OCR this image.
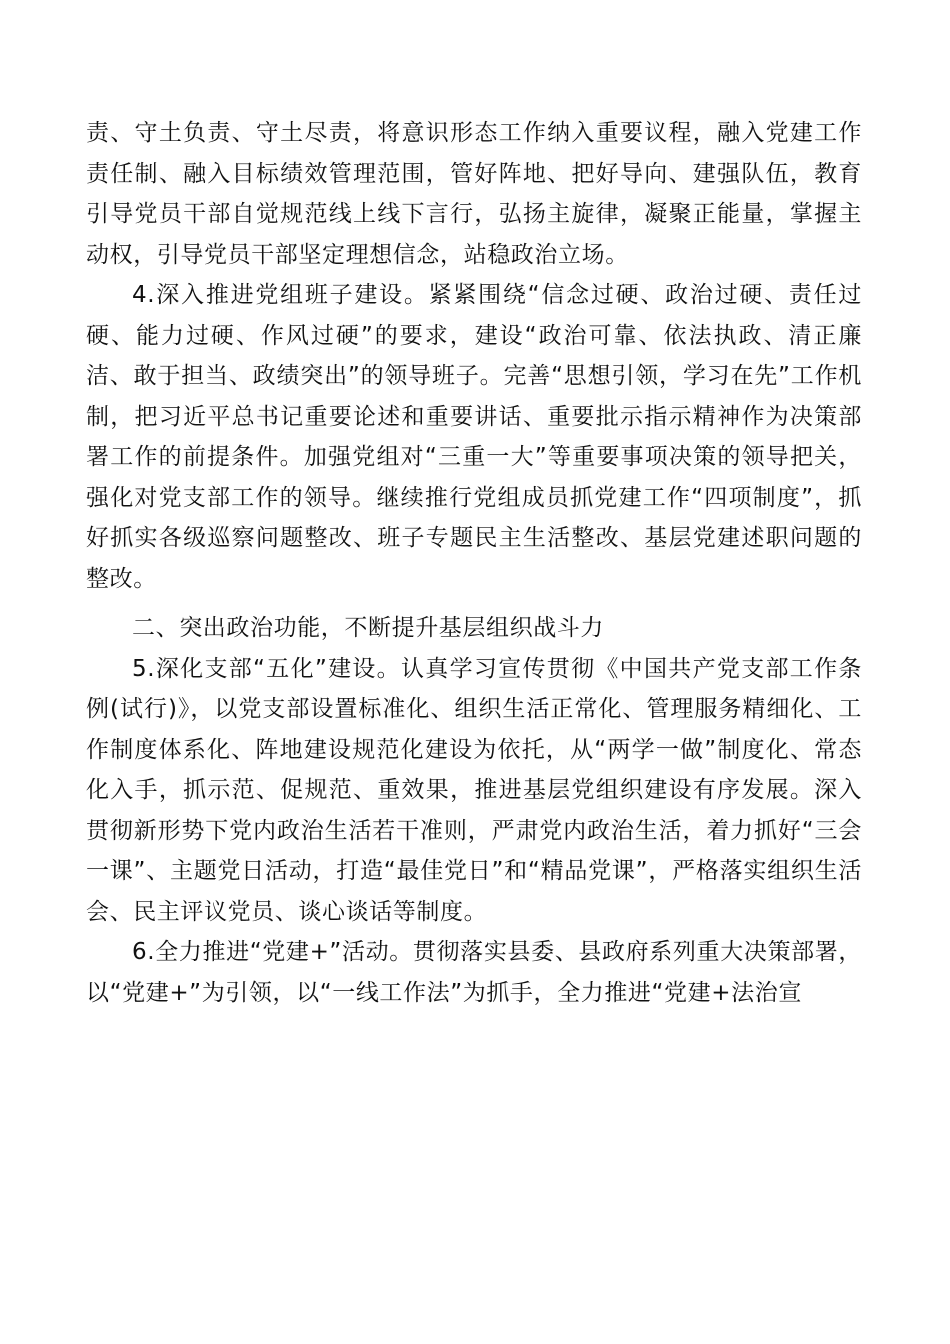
责、守土负责、守土尽责，将意识形态工作纳入重要议程，融入党建工作责任制、融入目标绩效管理范围，管好阵地、把好导向、建强队伍，教育引导党员干部自觉规范线上线下言行，弘扬主旋律，凝聚正能量，掌握主动权，引导党员干部坚定理想信念，站稳政治立场。

4.深入推进党组班子建设。紧紧围绕“信念过硬、政治过硬、责任过硬、能力过硬、作风过硬”的要求，建设“政治可靠、依法执政、清正廉洁、敢于担当、政绩突出”的领导班子。完善“思想引领，学习在先”工作机制，把习近平总书记重要论述和重要讲话、重要批示指示精神作为决策部署工作的前提条件。加强党组对“三重一大”等重要事项决策的领导把关，强化对党支部工作的领导。继续推行党组成员抓党建工作“四项制度”，抓好抓实各级巡察问题整改、班子专题民主生活整改、基层党建述职问题的整改。

二、突出政治功能，不断提升基层组织战斗力

5.深化支部“五化”建设。认真学习宣传贯彻《中国共产党支部工作条例(试行)》，以党支部设置标准化、组织生活正常化、管理服务精细化、工作制度体系化、阵地建设规范化建设为依托，从“两学一做”制度化、常态化入手，抓示范、促规范、重效果，推进基层党组织建设有序发展。深入贯彻新形势下党内政治生活若干准则，严肃党内政治生活，着力抓好“三会一课”、主题党日活动，打造“最佳党日”和“精品党课”，严格落实组织生活会、民主评议党员、谈心谈话等制度。

6.全力推进“党建+”活动。贯彻落实县委、县政府系列重大决策部署，以“党建+”为引领，以“一线工作法”为抓手，全力推进“党建+法治宣
